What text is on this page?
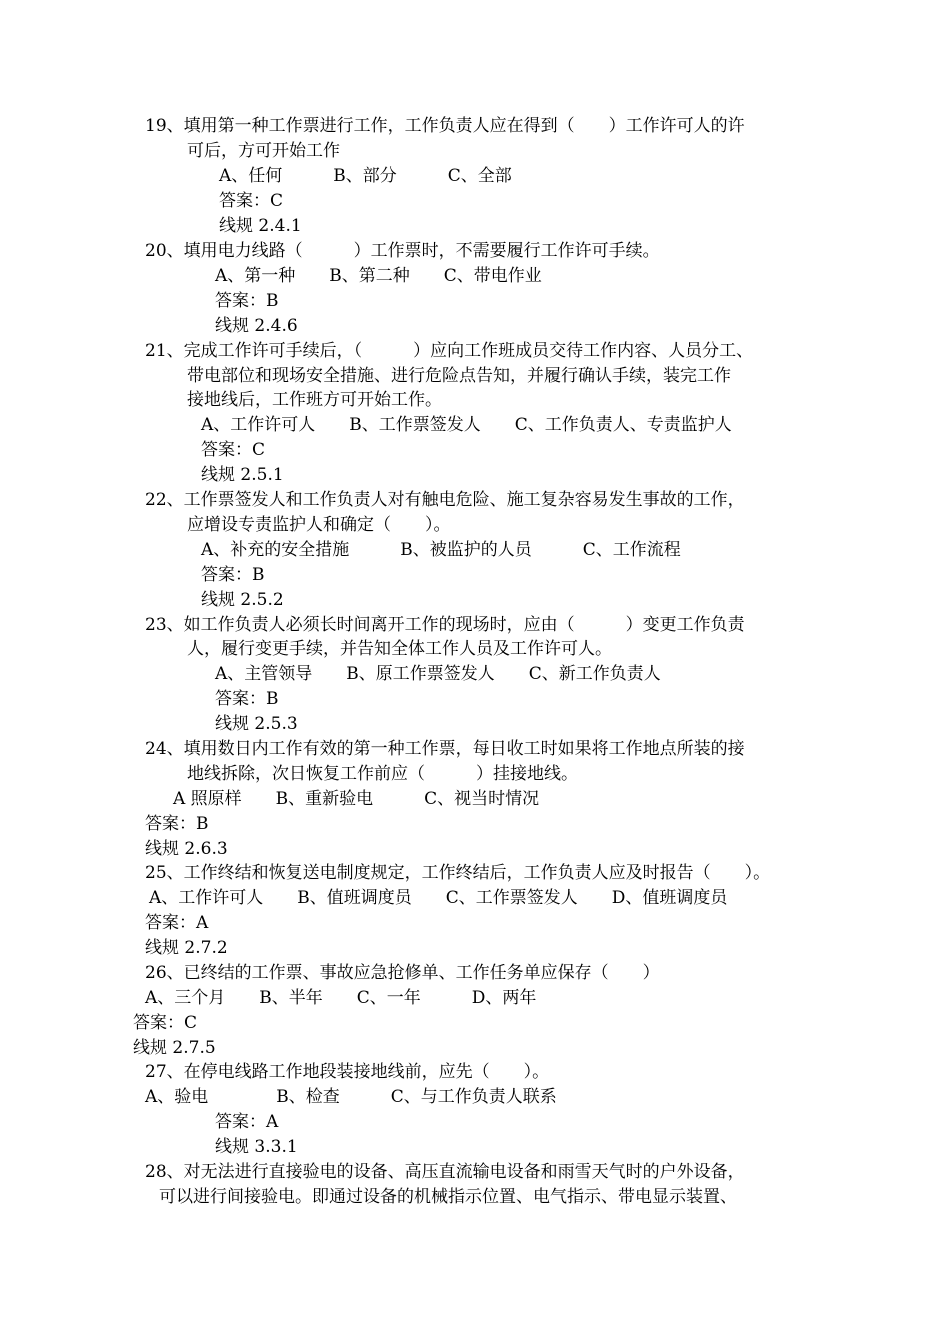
19、填用第一种工作票进行工作，工作负责人应在得到（　　）工作许可人的许
可后，方可开始工作
A、任何　　　B、部分　　　C、全部
答案：C
线规 2.4.1
20、填用电力线路（　　　）工作票时，不需要履行工作许可手续。
A、第一种　　B、第二种　　C、带电作业
答案：B
线规 2.4.6
21、完成工作许可手续后，（　　　）应向工作班成员交待工作内容、人员分工、
带电部位和现场安全措施、进行危险点告知，并履行确认手续，装完工作
接地线后，工作班方可开始工作。
A、工作许可人　　B、工作票签发人　　C、工作负责人、专责监护人
答案：C
线规 2.5.1
22、工作票签发人和工作负责人对有触电危险、施工复杂容易发生事故的工作，
应增设专责监护人和确定（　　）。
A、补充的安全措施　　　B、被监护的人员　　　C、工作流程
答案：B
线规 2.5.2
23、如工作负责人必须长时间离开工作的现场时，应由（　　　）变更工作负责
人，履行变更手续，并告知全体工作人员及工作许可人。
A、主管领导　　B、原工作票签发人　　C、新工作负责人
答案：B
线规 2.5.3
24、填用数日内工作有效的第一种工作票，每日收工时如果将工作地点所装的接
地线拆除，次日恢复工作前应（　　　）挂接地线。
A 照原样　　B、重新验电　　　C、视当时情况
答案：B
线规 2.6.3
25、工作终结和恢复送电制度规定，工作终结后，工作负责人应及时报告（　　）。
A、工作许可人　　B、值班调度员　　C、工作票签发人　　D、值班调度员
答案：A
线规 2.7.2
26、已终结的工作票、事故应急抢修单、工作任务单应保存（　　）
A、三个月　　B、半年　　C、一年　　　D、两年
答案：C
线规 2.7.5
27、在停电线路工作地段装接地线前，应先（　　）。
A、验电　　　　B、检查　　　C、与工作负责人联系
答案：A
线规 3.3.1
28、对无法进行直接验电的设备、高压直流输电设备和雨雪天气时的户外设备，
可以进行间接验电。即通过设备的机械指示位置、电气指示、带电显示装置、
